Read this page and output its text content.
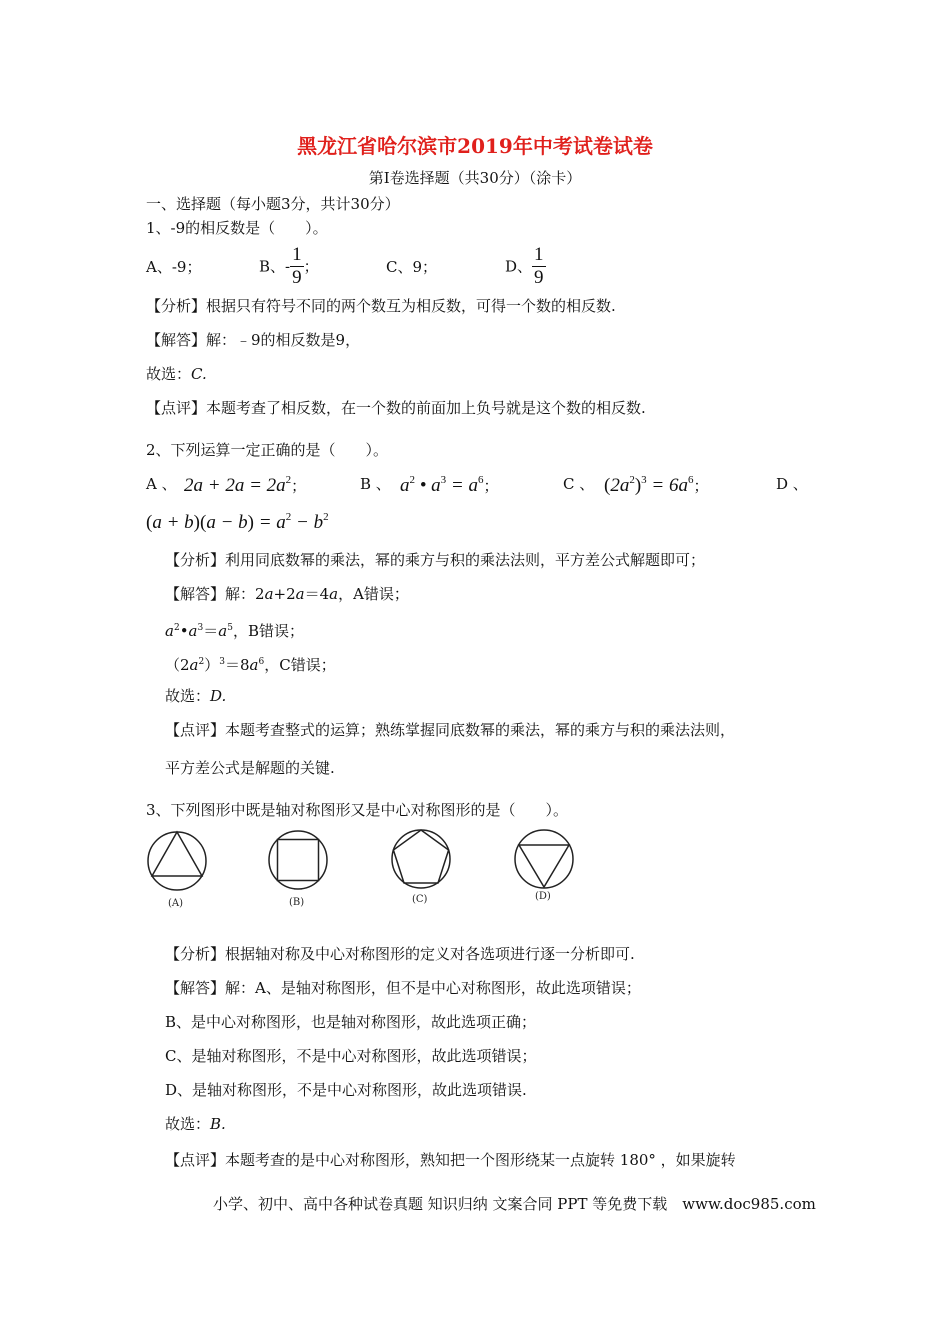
黑龙江省哈尔滨市2019年中考试卷试卷
第Ⅰ卷选择题（共30分）（涂卡）
一、选择题（每小题3分，共计30分）
1、-9的相反数是（　　）。
A、-9；	B、- $\frac{1}{9}$ ；	C、9；	D、 $\frac{1}{9}$
【分析】根据只有符号不同的两个数互为相反数，可得一个数的相反数.
【解答】解：﹣9的相反数是9，
故选：C.
【点评】本题考查了相反数，在一个数的前面加上负号就是这个数的相反数.
2、下列运算一定正确的是（　　）。
A 、 $2a + 2a = 2a^2$；	B 、 $a^2$ • $a^3 = a^6$；	C 、 $(2a^2)^3 = 6a^6$；	D 、
$(a + b)(a - b) = a^2 - b^2$
【分析】利用同底数幂的乘法，幂的乘方与积的乘法法则，平方差公式解题即可；
【解答】解：2a+2a＝4a，A错误；
$a^2•a^3=a^5$，B错误；
$(2a^2)^3=8a^6$，C错误；
故选：D.
【点评】本题考查整式的运算；熟练掌握同底数幂的乘法，幂的乘方与积的乘法法则，
平方差公式是解题的关键.
3、下列图形中既是轴对称图形又是中心对称图形的是（　　）。
(A)	(B)	(C)	(D)
【分析】根据轴对称及中心对称图形的定义对各选项进行逐一分析即可.
【解答】解：A、是轴对称图形，但不是中心对称图形，故此选项错误；
B、是中心对称图形，也是轴对称图形，故此选项正确；
C、是轴对称图形，不是中心对称图形，故此选项错误；
D、是轴对称图形，不是中心对称图形，故此选项错误.
故选：B.
【点评】本题考查的是中心对称图形，熟知把一个图形绕某一点旋转 180° ，如果旋转
小学、初中、高中各种试卷真题 知识归纳 文案合同 PPT 等免费下载　www.doc985.com
